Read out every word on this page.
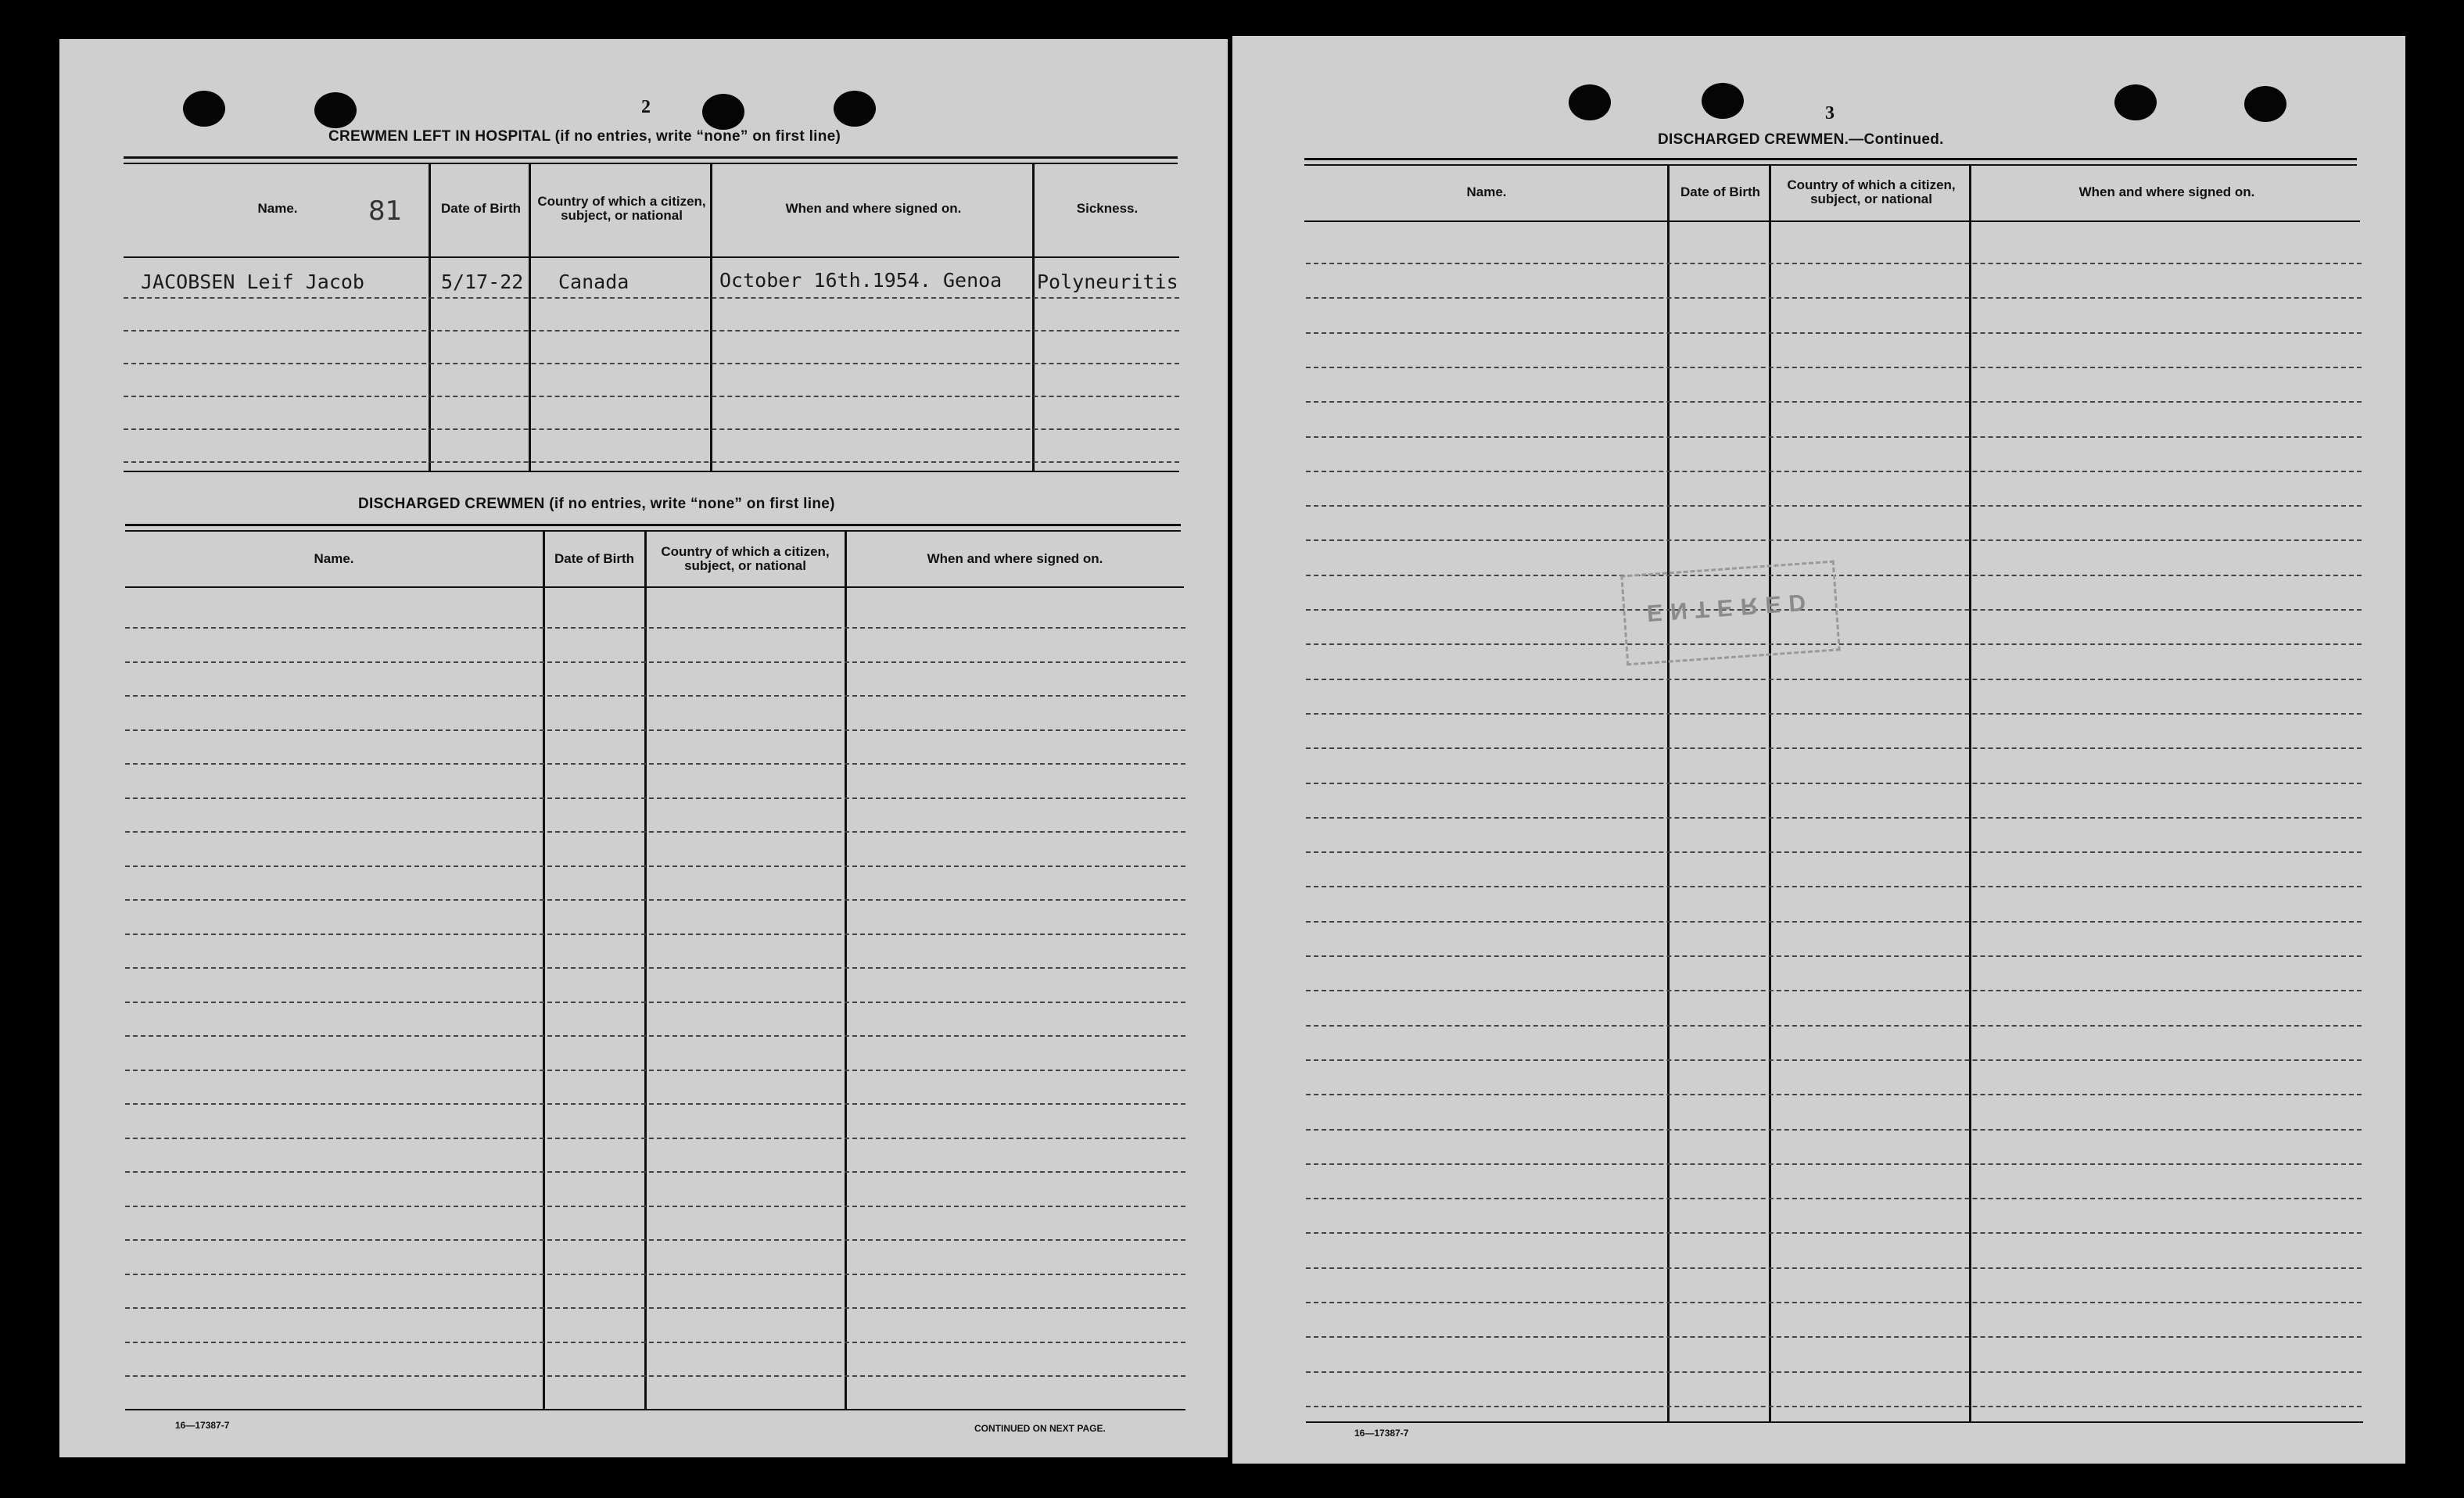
2
81
CREWMEN LEFT IN HOSPITAL (if no entries, write “none” on first line)
Name.	Date of Birth	Country of which a citizen, subject, or national	When and where signed on.	Sickness.
JACOBSEN Leif Jacob	5/17-22 Canada	October 16th.1954. Genoa Polyneuritis
DISCHARGED CREWMEN (if no entries, write “none” on first line)
Name.	Date of Birth	Country of which a citizen, subject, or national	When and where signed on.
16—17387-7	CONTINUED ON NEXT PAGE.
3
DISCHARGED CREWMEN.—Continued.
Name.	Date of Birth	Country of which a citizen, subject, or national	When and where signed on.
ENTERED
16—17387-7
